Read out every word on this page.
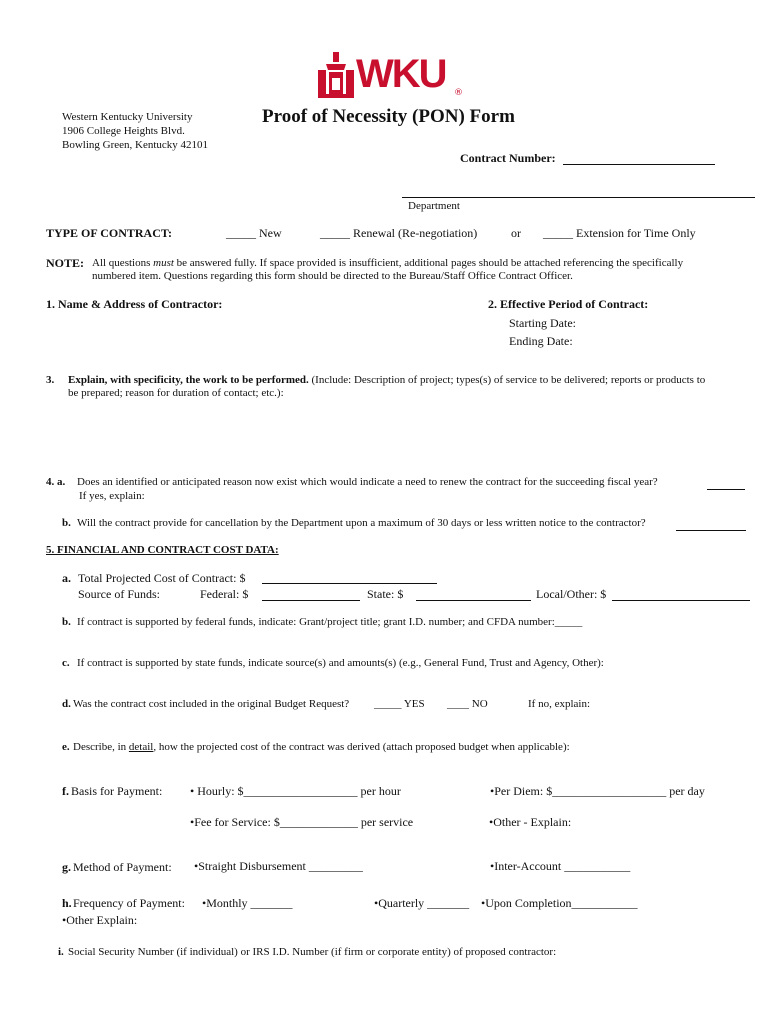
WKU ®
Western Kentucky University
1906 College Heights Blvd.
Bowling Green, Kentucky 42101
Proof of Necessity (PON) Form
Contract Number:
Department
TYPE OF CONTRACT:	_____ New	_____ Renewal (Re-negotiation)	or _____ Extension for Time Only
NOTE: All questions must be answered fully. If space provided is insufficient, additional pages should be attached referencing the specifically
numbered item. Questions regarding this form should be directed to the Bureau/Staff Office Contract Officer.
1. Name & Address of Contractor:	2. Effective Period of Contract:
Starting Date:
Ending Date:
3. Explain, with specificity, the work to be performed. (Include: Description of project; types(s) of service to be delivered; reports or products to
be prepared; reason for duration of contact; etc.):
4. a. Does an identified or anticipated reason now exist which would indicate a need to renew the contract for the succeeding fiscal year?
If yes, explain:
b. Will the contract provide for cancellation by the Department upon a maximum of 30 days or less written notice to the contractor?
5. FINANCIAL AND CONTRACT COST DATA:
a. Total Projected Cost of Contract: $
Source of Funds:	Federal: $	State: $	Local/Other: $
b. If contract is supported by federal funds, indicate: Grant/project title; grant I.D. number; and CFDA number:_____
c. If contract is supported by state funds, indicate source(s) and amounts(s) (e.g., General Fund, Trust and Agency, Other):
d. Was the contract cost included in the original Budget Request? _____ YES ____ NO	If no, explain:
e. Describe, in detail, how the projected cost of the contract was derived (attach proposed budget when applicable):
f. Basis for Payment: • Hourly: $___________________ per hour	•Per Diem: $___________________ per day
•Fee for Service: $_____________ per service	•Other - Explain:
g. Method of Payment: •Straight Disbursement _________	•Inter-Account ___________
h. Frequency of Payment: •Monthly _______	•Quarterly _______ •Upon Completion___________
•Other Explain:
i. Social Security Number (if individual) or IRS I.D. Number (if firm or corporate entity) of proposed contractor:
